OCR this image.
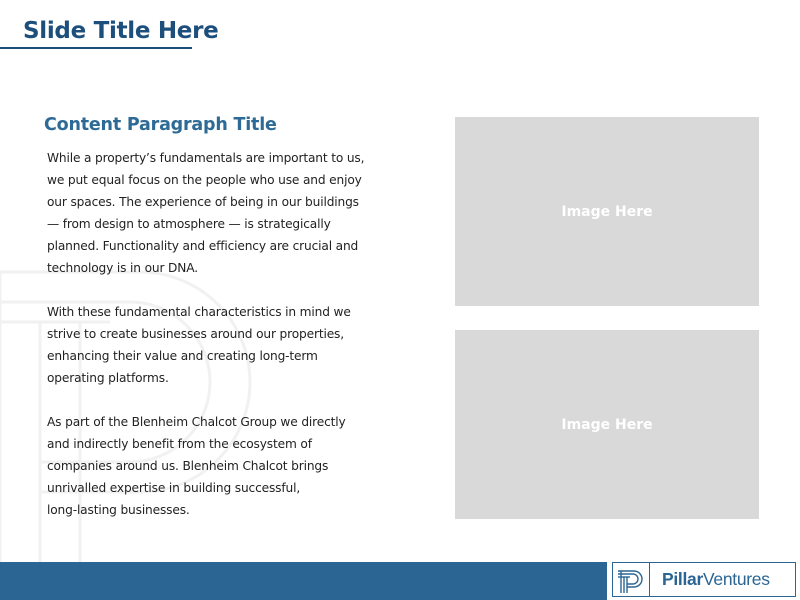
Slide Title Here
Content Paragraph Title

While a property’s fundamentals are important to us,
we put equal focus on the people who use and enjoy
our spaces. The experience of being in our buildings
— from design to atmosphere — is strategically
planned. Functionality and efficiency are crucial and
technology is in our DNA.

With these fundamental characteristics in mind we
strive to create businesses around our properties,
enhancing their value and creating long-term
operating platforms.

As part of the Blenheim Chalcot Group we directly
and indirectly benefit from the ecosystem of
companies around us. Blenheim Chalcot brings
unrivalled expertise in building successful,
long-lasting businesses.

Image Here
Image Here
PillarVentures
